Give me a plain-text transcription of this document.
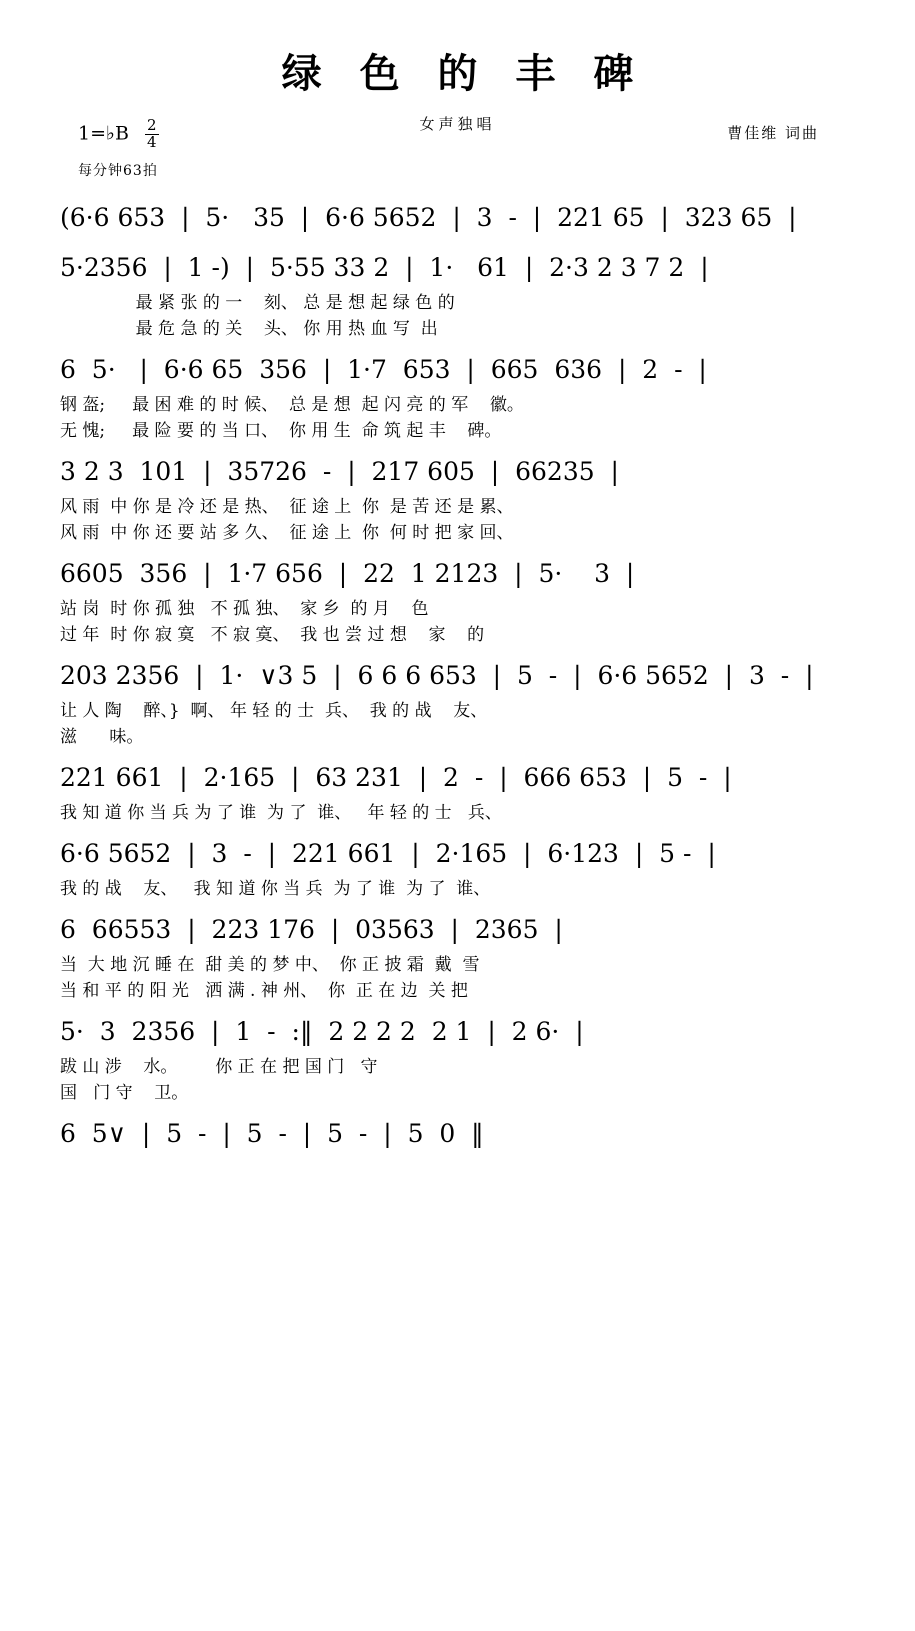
绿 色 的 丰 碑
女声独唱	曹佳维 词曲
1=♭B $\frac{2}{4}$
每分钟63拍
(6·6 653  |  5·   35  |  6·6 5652  |  3  -  |  221 65  |  323 65  |
5·2356  |  1 -)  |  5·55 33 2  |  1·   61  |  2·3 2 3 7 2  |
最 紧 张 的 一    刻、 总 是 想 起 绿 色 的
最 危 急 的 关    头、 你 用 热 血 写  出
6  5·   |  6·6 65  356  |  1·7  653  |  665  636  |  2  -  |
钢 盔;     最 困 难 的 时 候、  总 是 想  起 闪 亮 的 军    徽。
无 愧;     最 险 要 的 当 口、  你 用 生  命 筑 起 丰    碑。
3 2 3  101  |  35726  -  |  217 605  |  66235  |
风 雨  中 你 是 冷 还 是 热、  征 途 上  你  是 苦 还 是 累、
风 雨  中 你 还 要 站 多 久、  征 途 上  你  何 时 把 家 回、
6605  356  |  1·7 656  |  22  1 2123  |  5·    3  |
站 岗  时 你 孤 独   不 孤 独、  家 乡  的 月    色
过 年  时 你 寂 寞   不 寂 寞、  我 也 尝 过 想    家    的
203 2356  |  1·  ∨3 5  |  6 6 6 653  |  5  -  |  6·6 5652  |  3  -  |
让 人 陶    醉、}  啊、 年 轻 的 士  兵、  我 的 战    友、
滋      味。
221 661  |  2·165  |  63 231  |  2  -  |  666 653  |  5  -  |
我 知 道 你 当 兵 为 了 谁  为 了  谁、   年 轻 的 士   兵、
6·6 5652  |  3  -  |  221 661  |  2·165  |  6·123  |  5 -  |
我 的 战    友、   我 知 道 你 当 兵  为 了 谁  为 了  谁、
6  66553  |  223 176  |  03563  |  2365  |
当  大 地 沉 睡 在  甜 美 的 梦 中、  你 正 披 霜  戴  雪
当 和 平 的 阳 光   洒 满 . 神 州、  你  正 在 边  关 把
5·  3  2356  |  1  -  :‖  2 2 2 2  2 1  |  2 6·  |
跋 山 涉    水。       你 正 在 把 国 门   守
国   门 守    卫。
6  5∨  |  5  -  |  5  -  |  5  -  |  5  0  ‖
